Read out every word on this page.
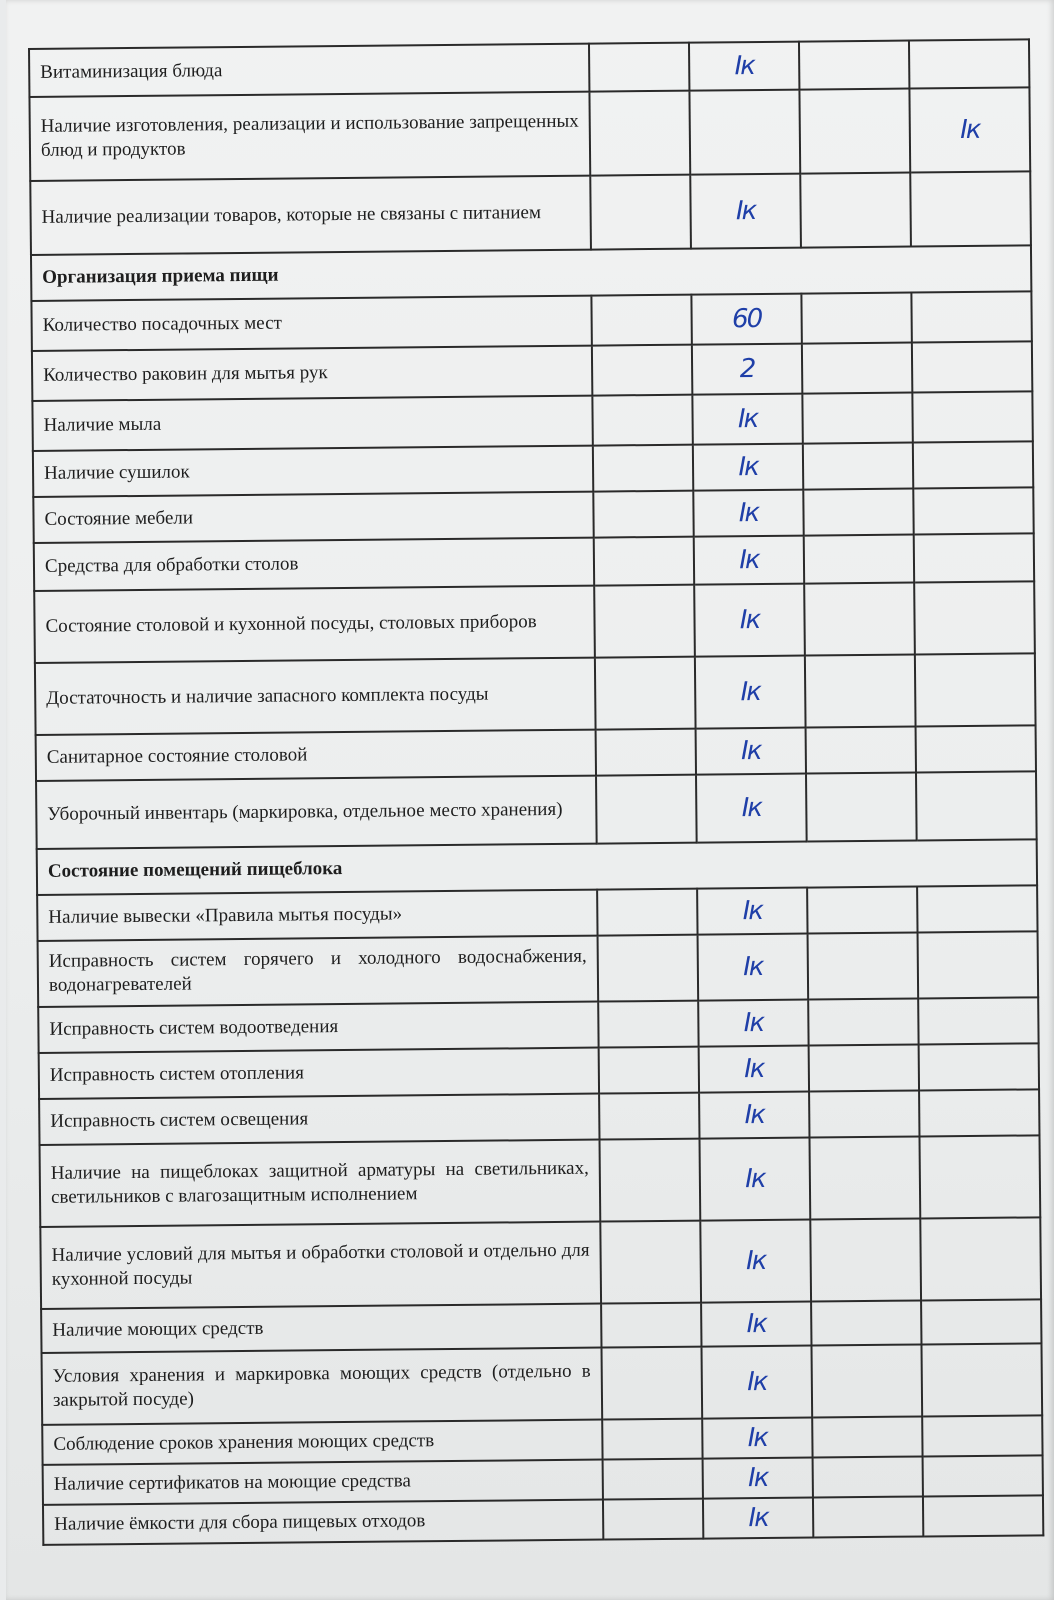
Витаминизация блюда		Ік		
Наличие изготовления, реализации и использование запрещенных блюд и продуктов				Ік
Наличие реализации товаров, которые не связаны с питанием		Ік		
Организация приема пищи				
Количество посадочных мест		60		
Количество раковин для мытья рук		2		
Наличие мыла		Ік		
Наличие сушилок		Ік		
Состояние мебели		Ік		
Средства для обработки столов		Ік		
Состояние столовой и кухонной посуды, столовых приборов		Ік		
Достаточность и наличие запасного комплекта посуды		Ік		
Санитарное состояние столовой		Ік		
Уборочный инвентарь (маркировка, отдельное место хранения)		Ік		
Состояние помещений пищеблока				
Наличие вывески «Правила мытья посуды»		Ік		
Исправность систем горячего и холодного водоснабжения, водонагревателей		Ік		
Исправность систем водоотведения		Ік		
Исправность систем отопления		Ік		
Исправность систем освещения		Ік		
Наличие на пищеблоках защитной арматуры на светильниках, светильников с влагозащитным исполнением		Ік		
Наличие условий для мытья и обработки столовой и отдельно для кухонной посуды		Ік		
Наличие моющих средств		Ік		
Условия хранения и маркировка моющих средств (отдельно в закрытой посуде)		Ік		
Соблюдение сроков хранения моющих средств		Ік		
Наличие сертификатов на моющие средства		Ік		
Наличие ёмкости для сбора пищевых отходов		Ік		
